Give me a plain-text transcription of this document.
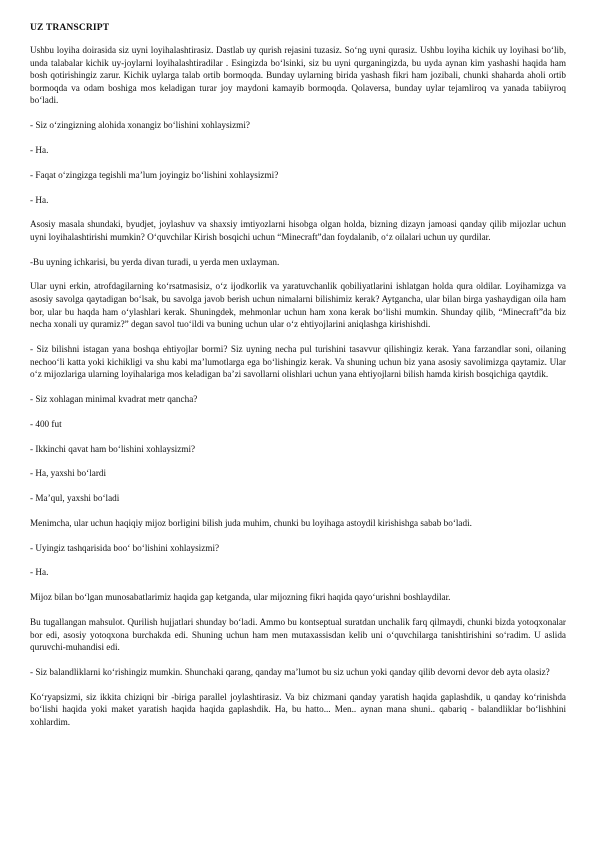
UZ TRANSCRIPT

Ushbu loyiha doirasida siz uyni loyihalashtirasiz. Dastlab uy qurish rejasini tuzasiz. So‘ng uyni qurasiz. Ushbu loyiha kichik uy loyihasi bo‘lib, unda talabalar kichik uy-joylarni loyihalashtiradilar . Esingizda bo‘lsinki, siz bu uyni qurganingizda, bu uyda aynan kim yashashi haqida ham bosh qotirishingiz zarur. Kichik uylarga talab ortib bormoqda. Bunday uylarning birida yashash fikri ham jozibali, chunki shaharda aholi ortib bormoqda va odam boshiga mos keladigan turar joy maydoni kamayib bormoqda. Qolaversa, bunday uylar tejamliroq va yanada tabiiyroq bo‘ladi.

- Siz o‘zingizning alohida xonangiz bo‘lishini xohlaysizmi?

- Ha.

- Faqat o‘zingizga tegishli ma’lum joyingiz bo‘lishini xohlaysizmi?

- Ha.

Asosiy masala shundaki, byudjet, joylashuv va shaxsiy imtiyozlarni hisobga olgan holda, bizning dizayn jamoasi qanday qilib mijozlar uchun uyni loyihalashtirishi mumkin? O‘quvchilar Kirish bosqichi uchun “Minecraft”dan foydalanib, o‘z oilalari uchun uy qurdilar.

-Bu uyning ichkarisi, bu yerda divan turadi, u yerda men uxlayman.

Ular uyni erkin, atrofdagilarning ko‘rsatmasisiz, o‘z ijodkorlik va yaratuvchanlik qobiliyatlarini ishlatgan holda qura oldilar. Loyihamizga va asosiy savolga qaytadigan bo‘lsak, bu savolga javob berish uchun nimalarni bilishimiz kerak? Aytgancha, ular bilan birga yashaydigan oila ham bor, ular bu haqda ham o‘ylashlari kerak. Shuningdek, mehmonlar uchun ham xona kerak bo‘lishi mumkin. Shunday qilib, “Minecraft”da biz necha xonali uy quramiz?” degan savol tuo‘ildi va buning uchun ular o‘z ehtiyojlarini aniqlashga kirishishdi.

- Siz bilishni istagan yana boshqa ehtiyojlar bormi? Siz uyning necha pul turishini tasavvur qilishingiz kerak. Yana farzandlar soni, oilaning nechoo‘li katta yoki kichikligi va shu kabi ma’lumotlarga ega bo‘lishingiz kerak. Va shuning uchun biz yana asosiy savolimizga qaytamiz. Ular o‘z mijozlariga ularning loyihalariga mos keladigan ba’zi savollarni olishlari uchun yana ehtiyojlarni bilish hamda kirish bosqichiga qaytdik.

- Siz xohlagan minimal kvadrat metr qancha?

- 400 fut

- Ikkinchi qavat ham bo‘lishini xohlaysizmi?

- Ha, yaxshi bo‘lardi

- Ma’qul, yaxshi bo‘ladi

Menimcha, ular uchun haqiqiy mijoz borligini bilish juda muhim, chunki bu loyihaga astoydil kirishishga sabab bo‘ladi.

- Uyingiz tashqarisida boo‘ bo‘lishini xohlaysizmi?

- Ha.

Mijoz bilan bo‘lgan munosabatlarimiz haqida gap ketganda, ular mijozning fikri haqida qayo‘urishni boshlaydilar.

Bu tugallangan mahsulot. Qurilish hujjatlari shunday bo‘ladi. Ammo bu kontseptual suratdan unchalik farq qilmaydi, chunki bizda yotoqxonalar bor edi, asosiy yotoqxona burchakda edi. Shuning uchun ham men mutaxassisdan kelib uni o‘quvchilarga tanishtirishini so‘radim. U aslida quruvchi-muhandisi edi.

- Siz balandliklarni ko‘rishingiz mumkin. Shunchaki qarang, qanday ma’lumot bu siz uchun yoki qanday qilib devorni devor deb ayta olasiz?

Ko‘ryapsizmi, siz ikkita chiziqni bir -biriga parallel joylashtirasiz. Va biz chizmani qanday yaratish haqida gaplashdik, u qanday ko‘rinishda bo‘lishi haqida yoki maket yaratish haqida haqida gaplashdik. Ha, bu hatto... Men.. aynan mana shuni.. qabariq - balandliklar bo‘lishhini xohlardim.
